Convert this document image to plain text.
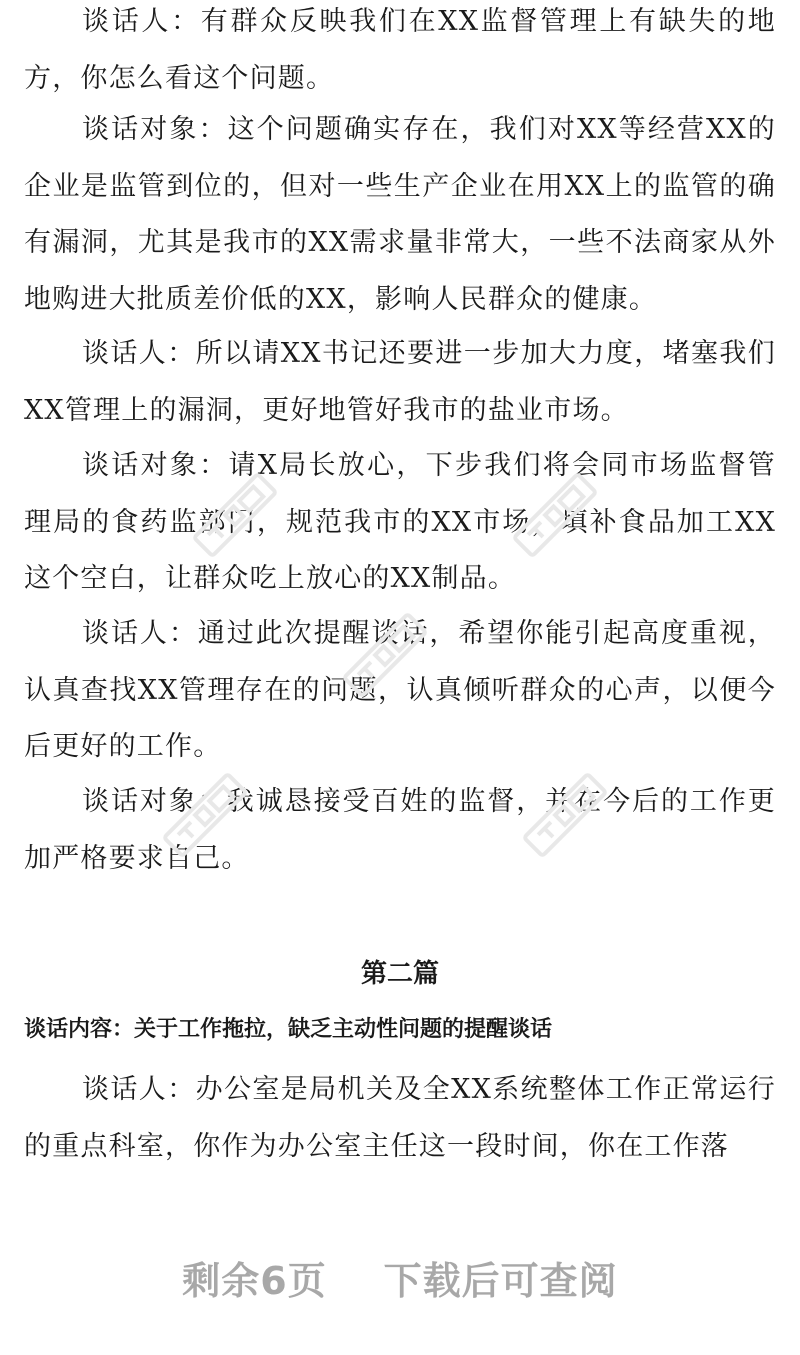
谈话人：有群众反映我们在XX监督管理上有缺失的地方，你怎么看这个问题。

谈话对象：这个问题确实存在，我们对XX等经营XX的企业是监管到位的，但对一些生产企业在用XX上的监管的确有漏洞，尤其是我市的XX需求量非常大，一些不法商家从外地购进大批质差价低的XX，影响人民群众的健康。

谈话人：所以请XX书记还要进一步加大力度，堵塞我们XX管理上的漏洞，更好地管好我市的盐业市场。

谈话对象：请X局长放心，下步我们将会同市场监督管理局的食药监部门，规范我市的XX市场，填补食品加工XX这个空白，让群众吃上放心的XX制品。

谈话人：通过此次提醒谈话，希望你能引起高度重视，认真查找XX管理存在的问题，认真倾听群众的心声，以便今后更好的工作。

谈话对象：我诚恳接受百姓的监督，并在今后的工作更加严格要求自己。

第二篇
谈话内容：关于工作拖拉，缺乏主动性问题的提醒谈话

谈话人：办公室是局机关及全XX系统整体工作正常运行的重点科室，你作为办公室主任这一段时间，你在工作落

剩余6页 下载后可查阅
